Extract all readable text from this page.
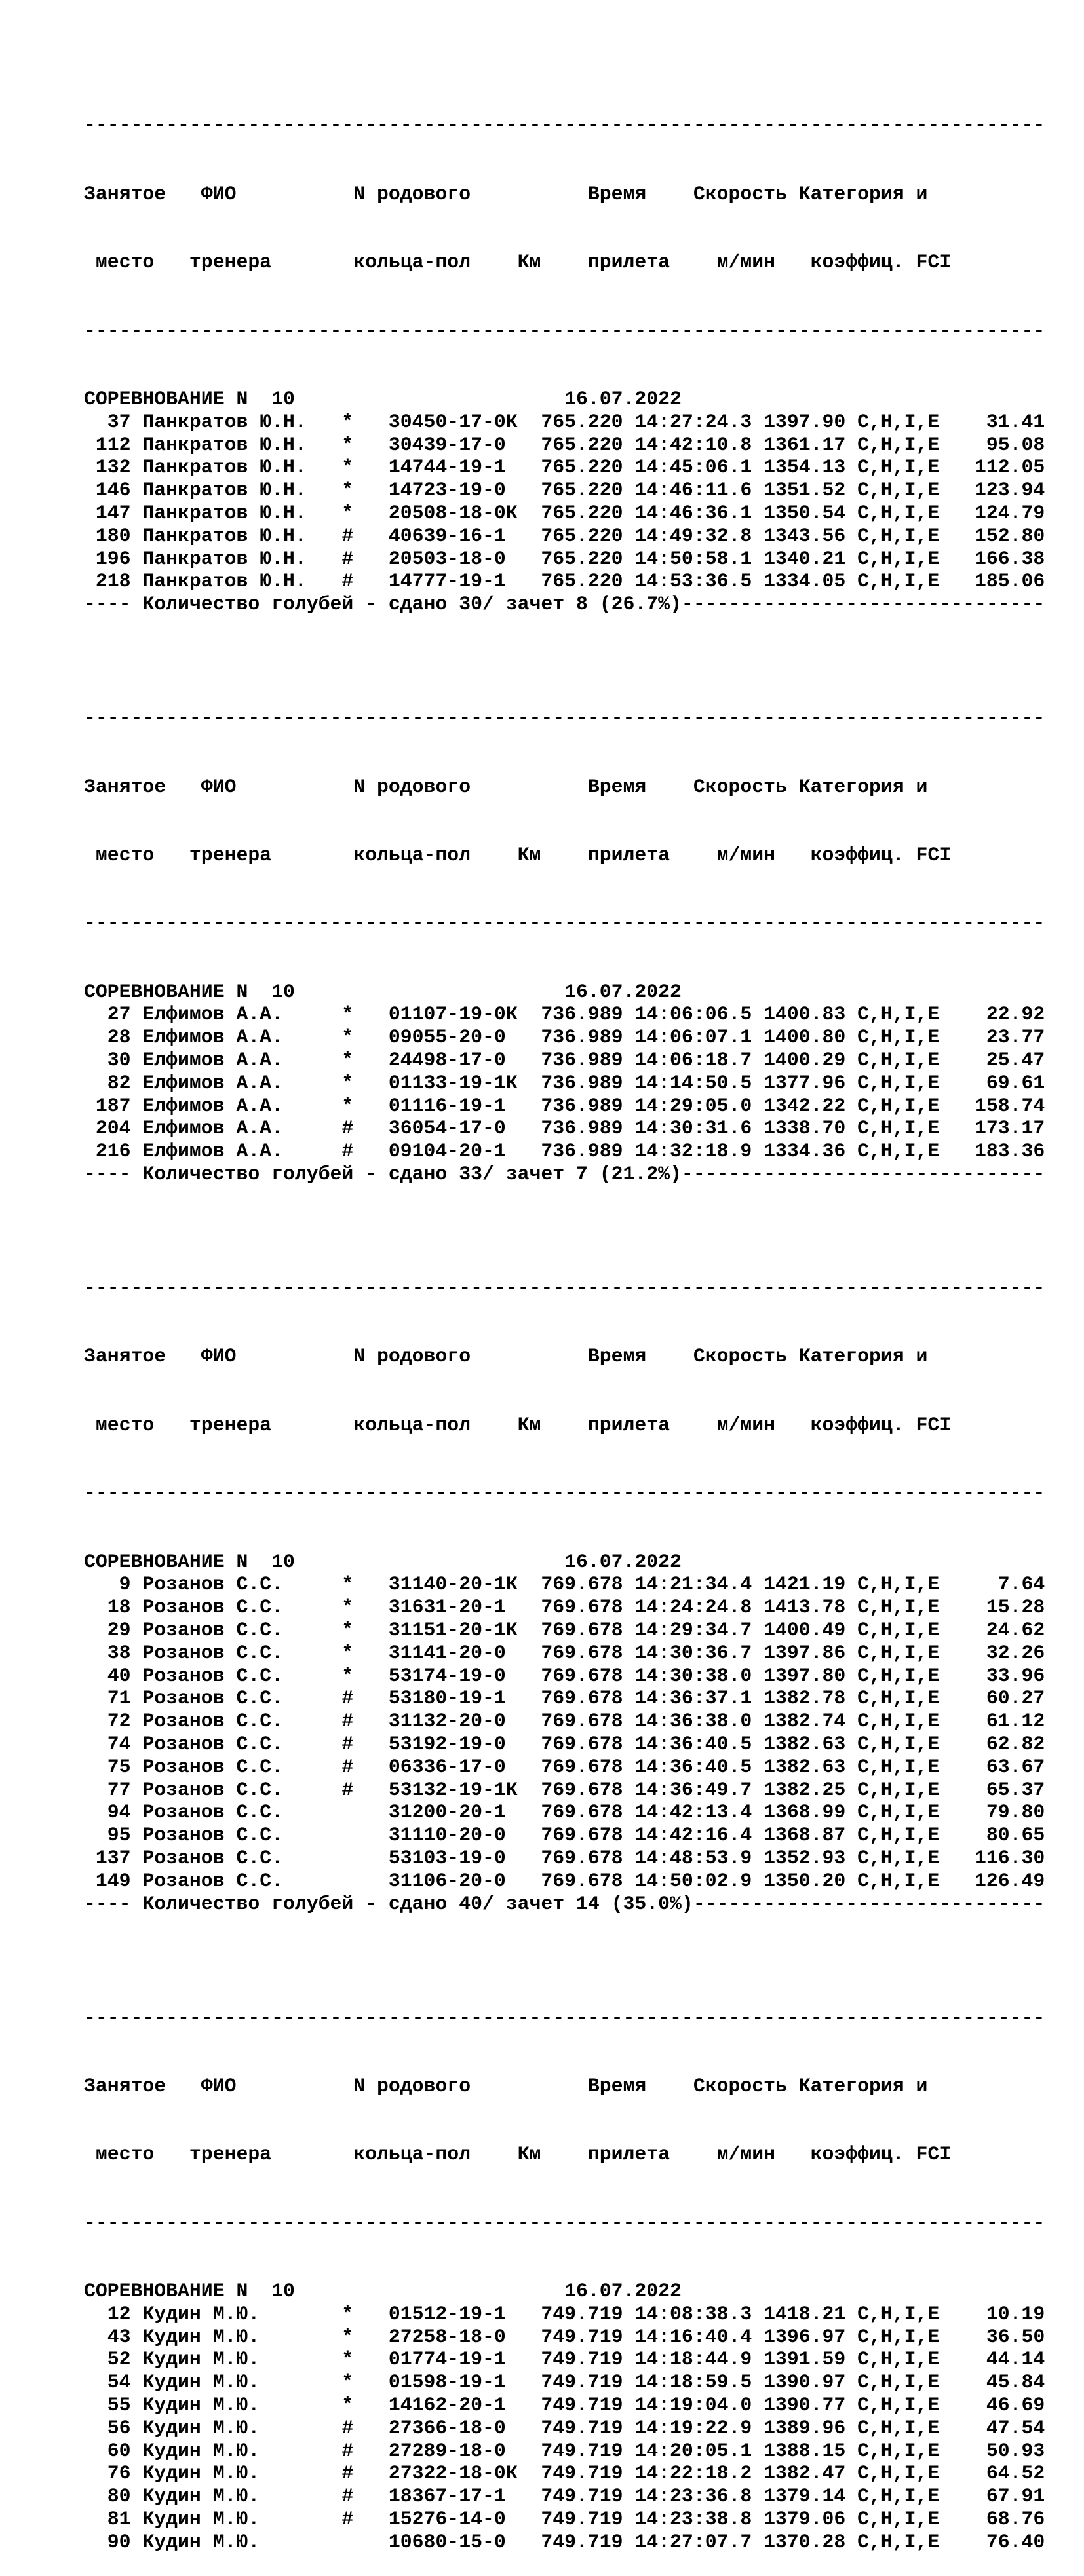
----------------------------------------------------------------------------------

Занятое   ФИО          N родового          Время    Скорость Категория и

место   тренера       кольца-пол    Км    прилета    м/мин   коэффиц. FCI

----------------------------------------------------------------------------------

СОРЕВНОВАНИЕ N  10                       16.07.2022
37 Панкратов Ю.Н.   *   30450-17-0К  765.220 14:27:24.3 1397.90 C,H,I,E    31.41
112 Панкратов Ю.Н.   *   30439-17-0   765.220 14:42:10.8 1361.17 C,H,I,E    95.08
132 Панкратов Ю.Н.   *   14744-19-1   765.220 14:45:06.1 1354.13 C,H,I,E   112.05
146 Панкратов Ю.Н.   *   14723-19-0   765.220 14:46:11.6 1351.52 C,H,I,E   123.94
147 Панкратов Ю.Н.   *   20508-18-0К  765.220 14:46:36.1 1350.54 C,H,I,E   124.79
180 Панкратов Ю.Н.   #   40639-16-1   765.220 14:49:32.8 1343.56 C,H,I,E   152.80
196 Панкратов Ю.Н.   #   20503-18-0   765.220 14:50:58.1 1340.21 C,H,I,E   166.38
218 Панкратов Ю.Н.   #   14777-19-1   765.220 14:53:36.5 1334.05 C,H,I,E   185.06
---- Количество голубей - сдано 30/ зачет 8 (26.7%)-------------------------------

----------------------------------------------------------------------------------

Занятое   ФИО          N родового          Время    Скорость Категория и

место   тренера       кольца-пол    Км    прилета    м/мин   коэффиц. FCI

----------------------------------------------------------------------------------

СОРЕВНОВАНИЕ N  10                       16.07.2022
27 Елфимов А.А.     *   01107-19-0К  736.989 14:06:06.5 1400.83 C,H,I,E    22.92
28 Елфимов А.А.     *   09055-20-0   736.989 14:06:07.1 1400.80 C,H,I,E    23.77
30 Елфимов А.А.     *   24498-17-0   736.989 14:06:18.7 1400.29 C,H,I,E    25.47
82 Елфимов А.А.     *   01133-19-1К  736.989 14:14:50.5 1377.96 C,H,I,E    69.61
187 Елфимов А.А.     *   01116-19-1   736.989 14:29:05.0 1342.22 C,H,I,E   158.74
204 Елфимов А.А.     #   36054-17-0   736.989 14:30:31.6 1338.70 C,H,I,E   173.17
216 Елфимов А.А.     #   09104-20-1   736.989 14:32:18.9 1334.36 C,H,I,E   183.36
---- Количество голубей - сдано 33/ зачет 7 (21.2%)-------------------------------

----------------------------------------------------------------------------------

Занятое   ФИО          N родового          Время    Скорость Категория и

место   тренера       кольца-пол    Км    прилета    м/мин   коэффиц. FCI

----------------------------------------------------------------------------------

СОРЕВНОВАНИЕ N  10                       16.07.2022
9 Розанов С.С.     *   31140-20-1К  769.678 14:21:34.4 1421.19 C,H,I,E     7.64
18 Розанов С.С.     *   31631-20-1   769.678 14:24:24.8 1413.78 C,H,I,E    15.28
29 Розанов С.С.     *   31151-20-1К  769.678 14:29:34.7 1400.49 C,H,I,E    24.62
38 Розанов С.С.     *   31141-20-0   769.678 14:30:36.7 1397.86 C,H,I,E    32.26
40 Розанов С.С.     *   53174-19-0   769.678 14:30:38.0 1397.80 C,H,I,E    33.96
71 Розанов С.С.     #   53180-19-1   769.678 14:36:37.1 1382.78 C,H,I,E    60.27
72 Розанов С.С.     #   31132-20-0   769.678 14:36:38.0 1382.74 C,H,I,E    61.12
74 Розанов С.С.     #   53192-19-0   769.678 14:36:40.5 1382.63 C,H,I,E    62.82
75 Розанов С.С.     #   06336-17-0   769.678 14:36:40.5 1382.63 C,H,I,E    63.67
77 Розанов С.С.     #   53132-19-1К  769.678 14:36:49.7 1382.25 C,H,I,E    65.37
94 Розанов С.С.         31200-20-1   769.678 14:42:13.4 1368.99 C,H,I,E    79.80
95 Розанов С.С.         31110-20-0   769.678 14:42:16.4 1368.87 C,H,I,E    80.65
137 Розанов С.С.         53103-19-0   769.678 14:48:53.9 1352.93 C,H,I,E   116.30
149 Розанов С.С.         31106-20-0   769.678 14:50:02.9 1350.20 C,H,I,E   126.49
---- Количество голубей - сдано 40/ зачет 14 (35.0%)------------------------------

----------------------------------------------------------------------------------

Занятое   ФИО          N родового          Время    Скорость Категория и

место   тренера       кольца-пол    Км    прилета    м/мин   коэффиц. FCI

----------------------------------------------------------------------------------

СОРЕВНОВАНИЕ N  10                       16.07.2022
12 Кудин М.Ю.       *   01512-19-1   749.719 14:08:38.3 1418.21 C,H,I,E    10.19
43 Кудин М.Ю.       *   27258-18-0   749.719 14:16:40.4 1396.97 C,H,I,E    36.50
52 Кудин М.Ю.       *   01774-19-1   749.719 14:18:44.9 1391.59 C,H,I,E    44.14
54 Кудин М.Ю.       *   01598-19-1   749.719 14:18:59.5 1390.97 C,H,I,E    45.84
55 Кудин М.Ю.       *   14162-20-1   749.719 14:19:04.0 1390.77 C,H,I,E    46.69
56 Кудин М.Ю.       #   27366-18-0   749.719 14:19:22.9 1389.96 C,H,I,E    47.54
60 Кудин М.Ю.       #   27289-18-0   749.719 14:20:05.1 1388.15 C,H,I,E    50.93
76 Кудин М.Ю.       #   27322-18-0К  749.719 14:22:18.2 1382.47 C,H,I,E    64.52
80 Кудин М.Ю.       #   18367-17-1   749.719 14:23:36.8 1379.14 C,H,I,E    67.91
81 Кудин М.Ю.       #   15276-14-0   749.719 14:23:38.8 1379.06 C,H,I,E    68.76
90 Кудин М.Ю.           10680-15-0   749.719 14:27:07.7 1370.28 C,H,I,E    76.40
